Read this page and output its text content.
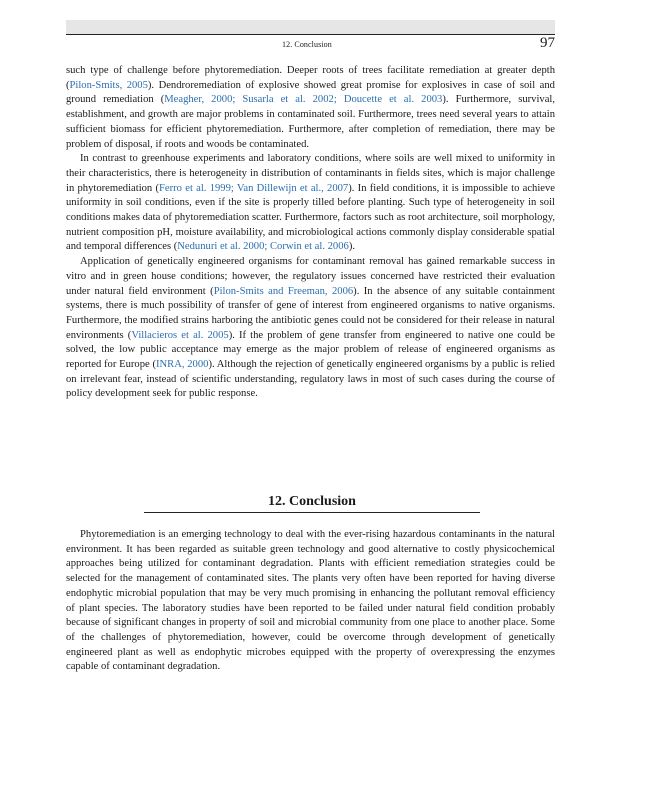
12. Conclusion	97

such type of challenge before phytoremediation. Deeper roots of trees facilitate remediation at greater depth (Pilon-Smits, 2005). Dendroremediation of explosive showed great promise for explosives in case of soil and ground remediation (Meagher, 2000; Susarla et al. 2002; Doucette et al. 2003). Furthermore, survival, establishment, and growth are major problems in contaminated soil. Furthermore, trees need several years to attain sufficient biomass for efficient phytoremediation. Furthermore, after completion of remediation, there may be problem of disposal, if roots and woods be contaminated.

In contrast to greenhouse experiments and laboratory conditions, where soils are well mixed to uniformity in their characteristics, there is heterogeneity in distribution of contaminants in fields sites, which is major challenge in phytoremediation (Ferro et al. 1999; Van Dillewijn et al., 2007). In field conditions, it is impossible to achieve uniformity in soil conditions, even if the site is properly tilled before planting. Such type of heterogeneity in soil conditions makes data of phytoremediation scatter. Furthermore, factors such as root architecture, soil morphology, nutrient composition pH, moisture availability, and microbiological actions commonly display considerable spatial and temporal differences (Nedunuri et al. 2000; Corwin et al. 2006).

Application of genetically engineered organisms for contaminant removal has gained remarkable success in vitro and in green house conditions; however, the regulatory issues concerned have restricted their evaluation under natural field environment (Pilon-Smits and Freeman, 2006). In the absence of any suitable containment systems, there is much possibility of transfer of gene of interest from engineered organisms to native organisms. Furthermore, the modified strains harboring the antibiotic genes could not be considered for their release in natural environments (Villacieros et al. 2005). If the problem of gene transfer from engineered to native one could be solved, the low public acceptance may emerge as the major problem of release of engineered organisms as reported for Europe (INRA, 2000). Although the rejection of genetically engineered organisms by a public is relied on irrelevant fear, instead of scientific understanding, regulatory laws in most of such cases during the course of policy development seek for public response.

12. Conclusion

Phytoremediation is an emerging technology to deal with the ever-rising hazardous contaminants in the natural environment. It has been regarded as suitable green technology and good alternative to costly physicochemical approaches being utilized for contaminant degradation. Plants with efficient remediation strategies could be selected for the management of contaminated sites. The plants very often have been reported for having diverse endophytic microbial population that may be very much promising in enhancing the pollutant removal efficiency of plant species. The laboratory studies have been reported to be failed under natural field condition probably because of significant changes in property of soil and microbial community from one place to another place. Some of the challenges of phytoremediation, however, could be overcome through development of genetically engineered plant as well as endophytic microbes equipped with the property of overexpressing the enzymes capable of contaminant degradation.
